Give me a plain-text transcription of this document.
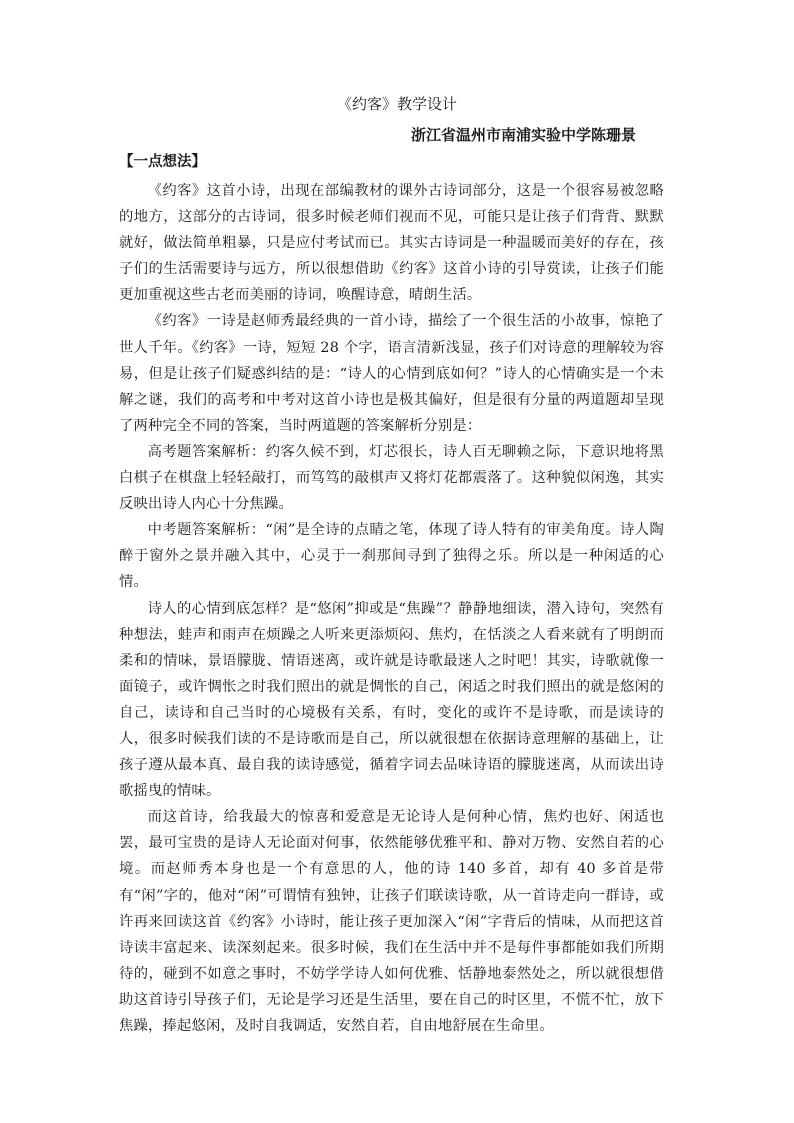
《约客》教学设计

浙江省温州市南浦实验中学陈珊景

【一点想法】

《约客》这首小诗，出现在部编教材的课外古诗词部分，这是一个很容易被忽略的地方，这部分的古诗词，很多时候老师们视而不见，可能只是让孩子们背背、默默就好，做法简单粗暴，只是应付考试而已。其实古诗词是一种温暖而美好的存在，孩子们的生活需要诗与远方，所以很想借助《约客》这首小诗的引导赏读，让孩子们能更加重视这些古老而美丽的诗词，唤醒诗意，晴朗生活。

《约客》一诗是赵师秀最经典的一首小诗，描绘了一个很生活的小故事，惊艳了世人千年。《约客》一诗，短短 28 个字，语言清新浅显，孩子们对诗意的理解较为容易，但是让孩子们疑惑纠结的是：“诗人的心情到底如何？”诗人的心情确实是一个未解之谜，我们的高考和中考对这首小诗也是极其偏好，但是很有分量的两道题却呈现了两种完全不同的答案，当时两道题的答案解析分别是：

高考题答案解析：约客久候不到，灯芯很长，诗人百无聊赖之际，下意识地将黑白棋子在棋盘上轻轻敲打，而笃笃的敲棋声又将灯花都震落了。这种貌似闲逸，其实反映出诗人内心十分焦躁。

中考题答案解析：“闲”是全诗的点睛之笔，体现了诗人特有的审美角度。诗人陶醉于窗外之景并融入其中，心灵于一刹那间寻到了独得之乐。所以是一种闲适的心情。

诗人的心情到底怎样？是“悠闲”抑或是“焦躁”？静静地细读，潜入诗句，突然有种想法，蛙声和雨声在烦躁之人听来更添烦闷、焦灼，在恬淡之人看来就有了明朗而柔和的情味，景语朦胧、情语迷离，或许就是诗歌最迷人之时吧！其实，诗歌就像一面镜子，或许惆怅之时我们照出的就是惆怅的自己，闲适之时我们照出的就是悠闲的自己，读诗和自己当时的心境极有关系，有时，变化的或许不是诗歌，而是读诗的人，很多时候我们读的不是诗歌而是自己，所以就很想在依据诗意理解的基础上，让孩子遵从最本真、最自我的读诗感觉，循着字词去品味诗语的朦胧迷离，从而读出诗歌摇曳的情味。

而这首诗，给我最大的惊喜和爱意是无论诗人是何种心情，焦灼也好、闲适也罢，最可宝贵的是诗人无论面对何事，依然能够优雅平和、静对万物、安然自若的心境。而赵师秀本身也是一个有意思的人，他的诗 140 多首，却有 40 多首是带有“闲”字的，他对“闲”可谓情有独钟，让孩子们联读诗歌，从一首诗走向一群诗，或许再来回读这首《约客》小诗时，能让孩子更加深入“闲”字背后的情味，从而把这首诗读丰富起来、读深刻起来。很多时候，我们在生活中并不是每件事都能如我们所期待的，碰到不如意之事时，不妨学学诗人如何优雅、恬静地泰然处之，所以就很想借助这首诗引导孩子们，无论是学习还是生活里，要在自己的时区里，不慌不忙，放下焦躁，捧起悠闲，及时自我调适，安然自若，自由地舒展在生命里。
